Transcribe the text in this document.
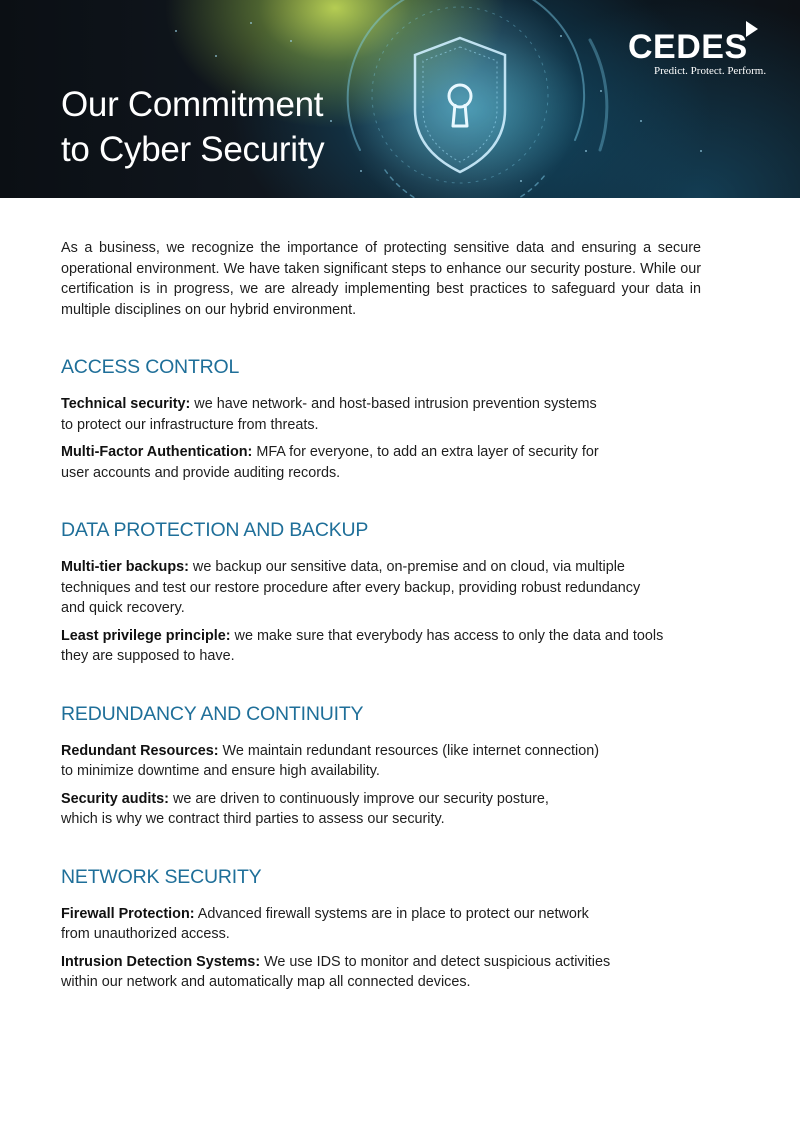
Our Commitment
to Cyber Security
CEDES
Predict. Protect. Perform.

As a business, we recognize the importance of protecting sensitive data and ensuring a secure operational environment. We have taken significant steps to enhance our security posture. While our certification is in progress, we are already implementing best practices to safeguard your data in multiple disciplines on our hybrid environment.

ACCESS CONTROL

Technical security: we have network- and host-based intrusion prevention systems
to protect our infrastructure from threats.

Multi-Factor Authentication: MFA for everyone, to add an extra layer of security for
user accounts and provide auditing records.

DATA PROTECTION AND BACKUP

Multi-tier backups: we backup our sensitive data, on-premise and on cloud, via multiple
techniques and test our restore procedure after every backup, providing robust redundancy
and quick recovery.

Least privilege principle: we make sure that everybody has access to only the data and tools
they are supposed to have.

REDUNDANCY AND CONTINUITY

Redundant Resources: We maintain redundant resources (like internet connection)
to minimize downtime and ensure high availability.

Security audits: we are driven to continuously improve our security posture,
which is why we contract third parties to assess our security.

NETWORK SECURITY

Firewall Protection: Advanced firewall systems are in place to protect our network
from unauthorized access.

Intrusion Detection Systems: We use IDS to monitor and detect suspicious activities
within our network and automatically map all connected devices.
